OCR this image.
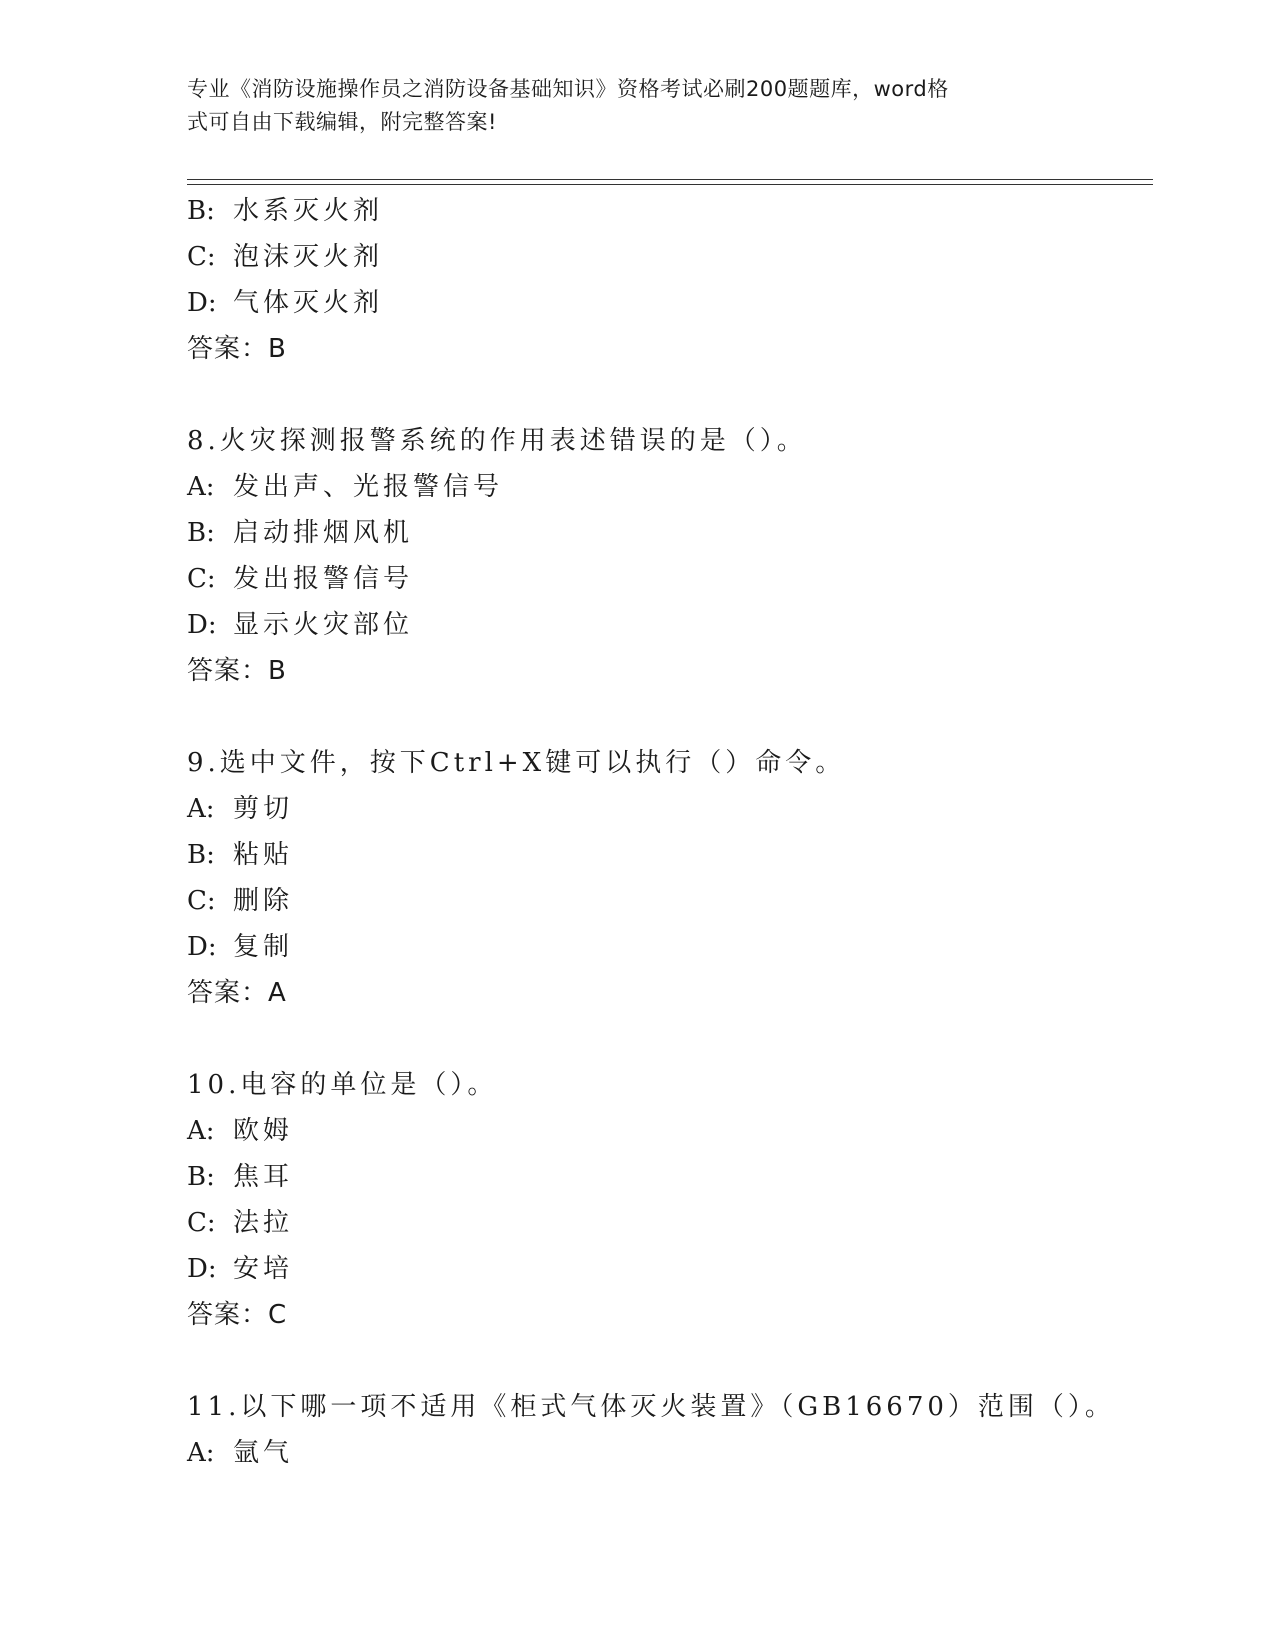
专业《消防设施操作员之消防设备基础知识》资格考试必刷200题题库，word格
式可自由下载编辑，附完整答案!
B: 水系灭火剂
C: 泡沫灭火剂
D: 气体灭火剂
答案：B
8.火灾探测报警系统的作用表述错误的是（）。
A: 发出声、光报警信号
B: 启动排烟风机
C: 发出报警信号
D: 显示火灾部位
答案：B
9.选中文件，按下Ctrl+X键可以执行（）命令。
A: 剪切
B: 粘贴
C: 删除
D: 复制
答案：A
10.电容的单位是（）。
A: 欧姆
B: 焦耳
C: 法拉
D: 安培
答案：C
11.以下哪一项不适用《柜式气体灭火装置》（GB16670）范围（）。
A: 氩气
